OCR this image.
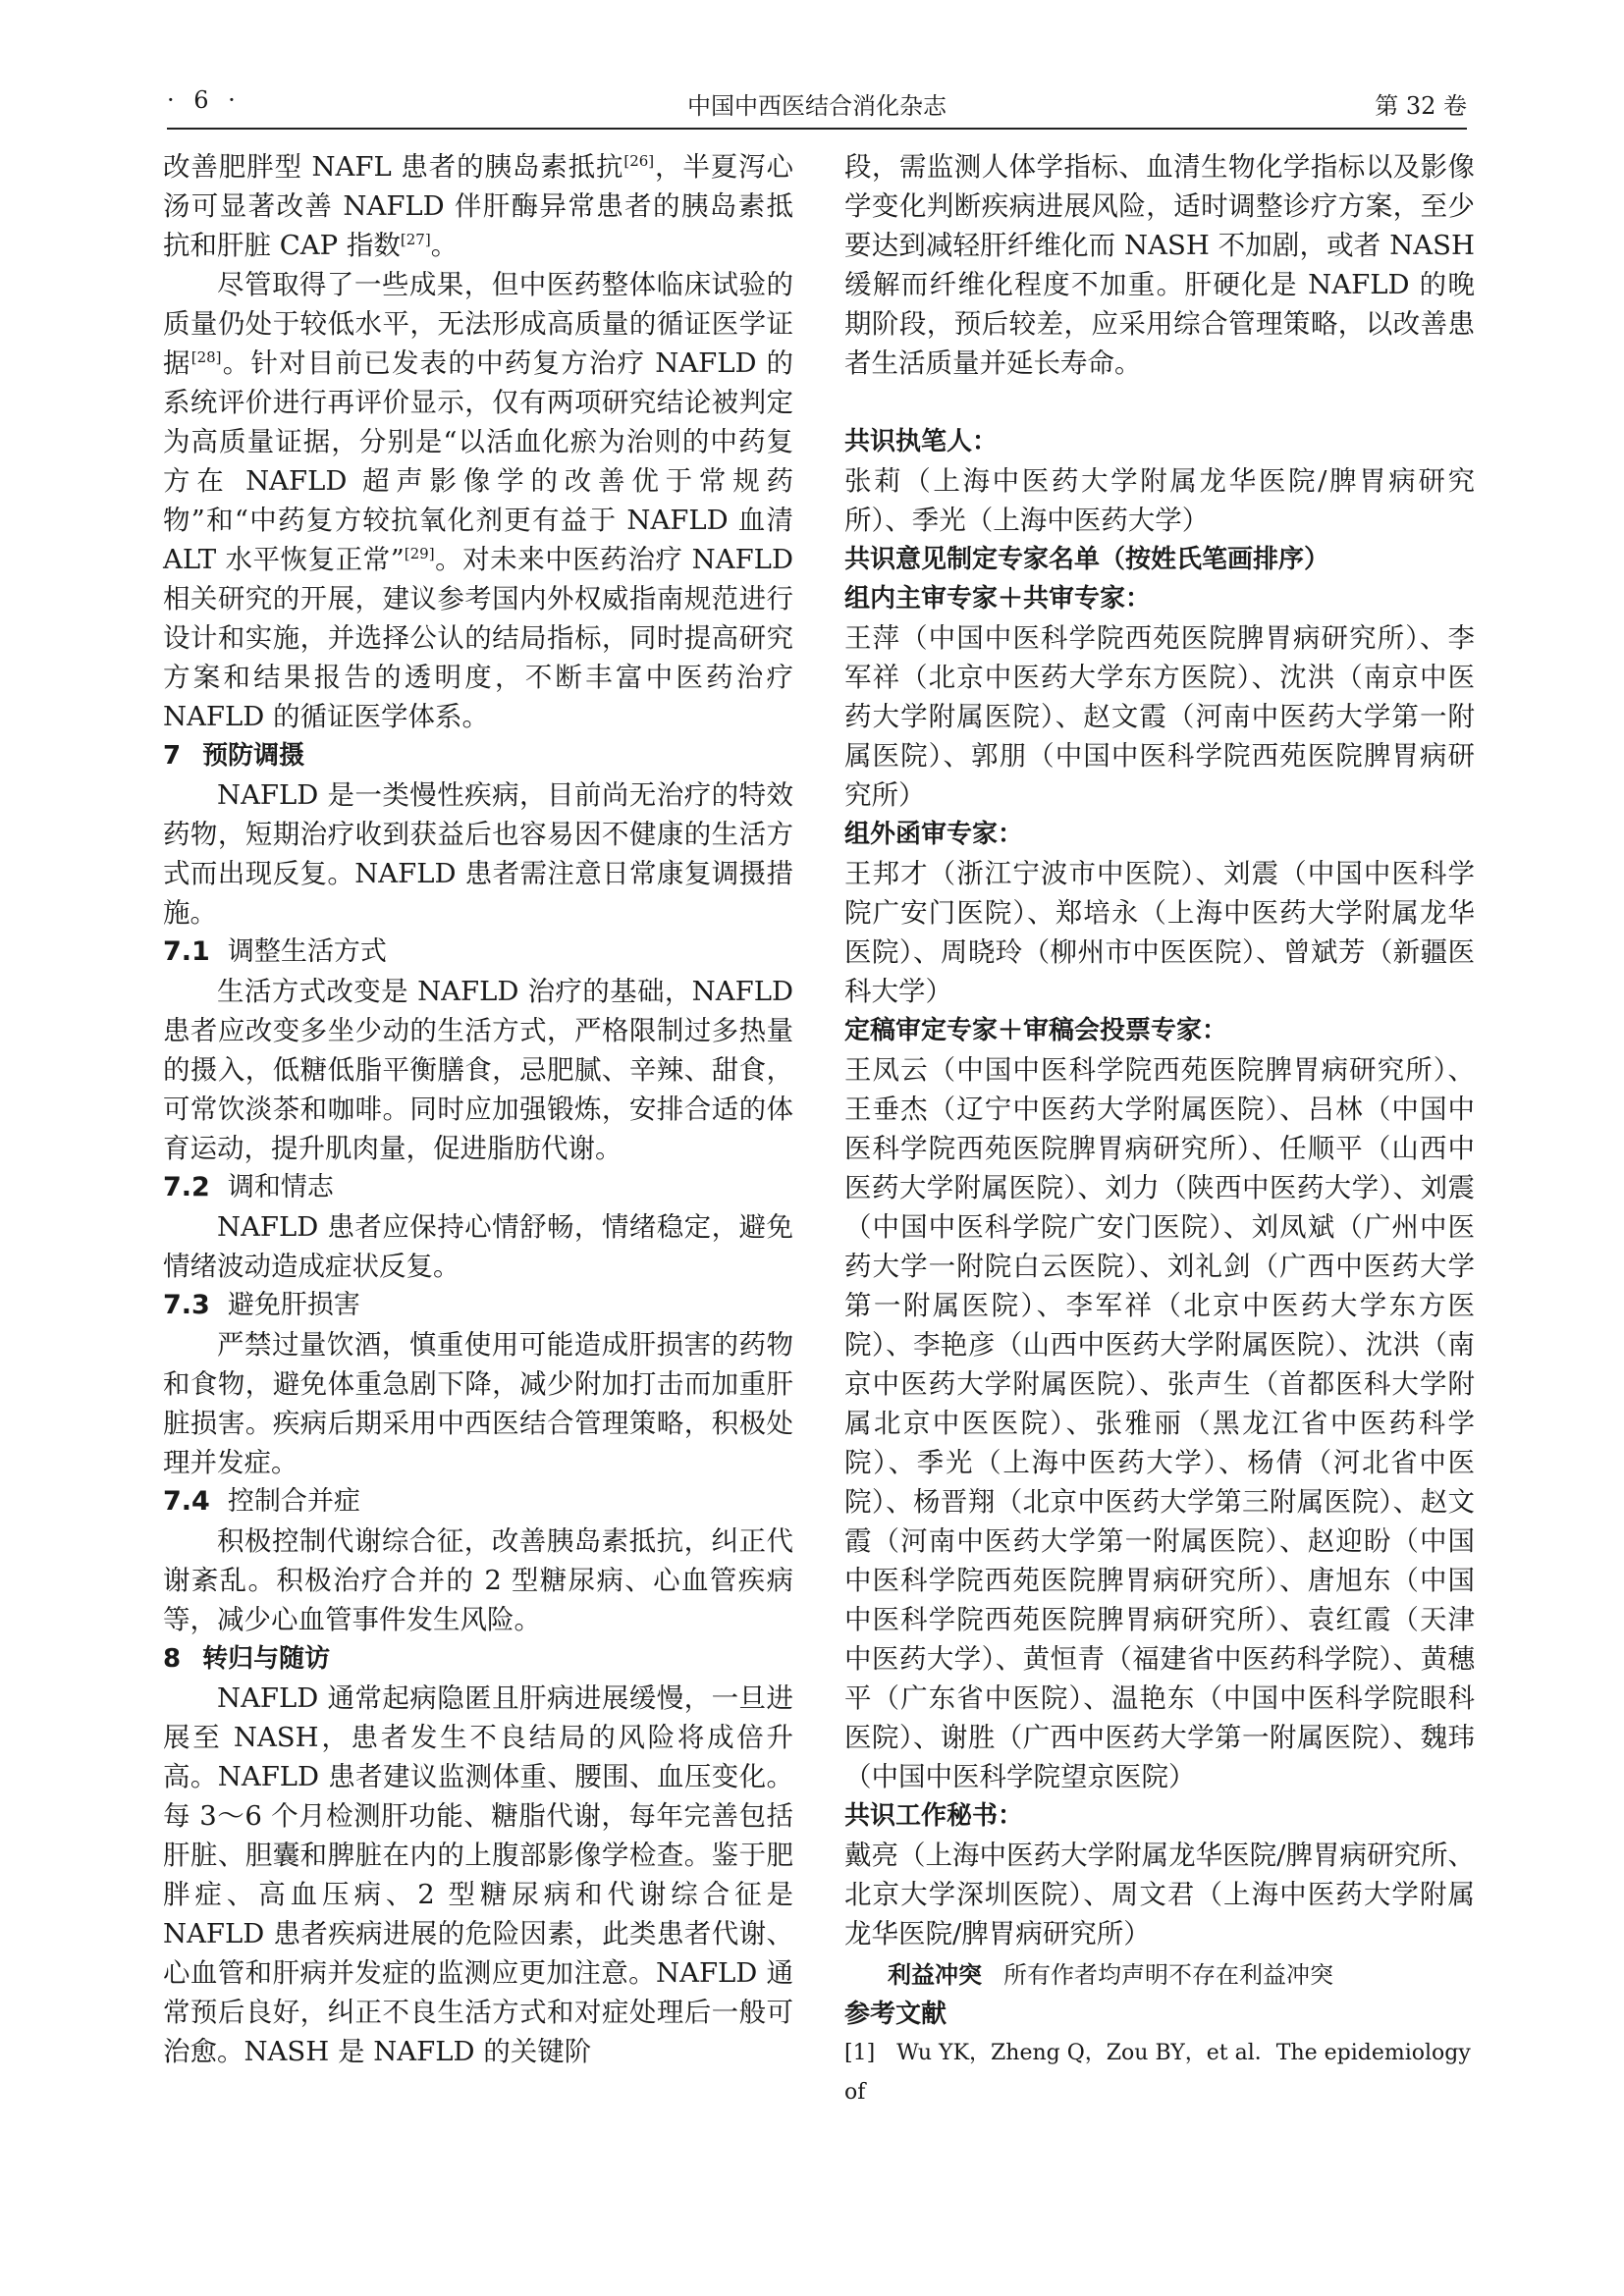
· 6 ·	中国中西医结合消化杂志	第 32 卷

改善肥胖型 NAFL 患者的胰岛素抵抗[26]，半夏泻心汤可显著改善 NAFLD 伴肝酶异常患者的胰岛素抵抗和肝脏 CAP 指数[27]。

尽管取得了一些成果，但中医药整体临床试验的质量仍处于较低水平，无法形成高质量的循证医学证据[28]。针对目前已发表的中药复方治疗 NAFLD 的系统评价进行再评价显示，仅有两项研究结论被判定为高质量证据，分别是“以活血化瘀为治则的中药复方在 NAFLD 超声影像学的改善优于常规药物”和“中药复方较抗氧化剂更有益于 NAFLD 血清 ALT 水平恢复正常”[29]。对未来中医药治疗 NAFLD 相关研究的开展，建议参考国内外权威指南规范进行设计和实施，并选择公认的结局指标，同时提高研究方案和结果报告的透明度，不断丰富中医药治疗 NAFLD 的循证医学体系。

7 预防调摄

NAFLD 是一类慢性疾病，目前尚无治疗的特效药物，短期治疗收到获益后也容易因不健康的生活方式而出现反复。NAFLD 患者需注意日常康复调摄措施。

7.1 调整生活方式

生活方式改变是 NAFLD 治疗的基础，NAFLD 患者应改变多坐少动的生活方式，严格限制过多热量的摄入，低糖低脂平衡膳食，忌肥腻、辛辣、甜食，可常饮淡茶和咖啡。同时应加强锻炼，安排合适的体育运动，提升肌肉量，促进脂肪代谢。

7.2 调和情志

NAFLD 患者应保持心情舒畅，情绪稳定，避免情绪波动造成症状反复。

7.3 避免肝损害

严禁过量饮酒，慎重使用可能造成肝损害的药物和食物，避免体重急剧下降，减少附加打击而加重肝脏损害。疾病后期采用中西医结合管理策略，积极处理并发症。

7.4 控制合并症

积极控制代谢综合征，改善胰岛素抵抗，纠正代谢紊乱。积极治疗合并的 2 型糖尿病、心血管疾病等，减少心血管事件发生风险。

8 转归与随访

NAFLD 通常起病隐匿且肝病进展缓慢，一旦进展至 NASH，患者发生不良结局的风险将成倍升高。NAFLD 患者建议监测体重、腰围、血压变化。每 3～6 个月检测肝功能、糖脂代谢，每年完善包括肝脏、胆囊和脾脏在内的上腹部影像学检查。鉴于肥胖症、高血压病、2 型糖尿病和代谢综合征是 NAFLD 患者疾病进展的危险因素，此类患者代谢、心血管和肝病并发症的监测应更加注意。NAFLD 通常预后良好，纠正不良生活方式和对症处理后一般可治愈。NASH 是 NAFLD 的关键阶

段，需监测人体学指标、血清生物化学指标以及影像学变化判断疾病进展风险，适时调整诊疗方案，至少要达到减轻肝纤维化而 NASH 不加剧，或者 NASH 缓解而纤维化程度不加重。肝硬化是 NAFLD 的晚期阶段，预后较差，应采用综合管理策略，以改善患者生活质量并延长寿命。

共识执笔人：

张莉（上海中医药大学附属龙华医院/脾胃病研究所）、季光（上海中医药大学）

共识意见制定专家名单（按姓氏笔画排序）

组内主审专家＋共审专家：

王萍（中国中医科学院西苑医院脾胃病研究所）、李军祥（北京中医药大学东方医院）、沈洪（南京中医药大学附属医院）、赵文霞（河南中医药大学第一附属医院）、郭朋（中国中医科学院西苑医院脾胃病研究所）

组外函审专家：

王邦才（浙江宁波市中医院）、刘震（中国中医科学院广安门医院）、郑培永（上海中医药大学附属龙华医院）、周晓玲（柳州市中医医院）、曾斌芳（新疆医科大学）

定稿审定专家＋审稿会投票专家：

王凤云（中国中医科学院西苑医院脾胃病研究所）、王垂杰（辽宁中医药大学附属医院）、吕林（中国中医科学院西苑医院脾胃病研究所）、任顺平（山西中医药大学附属医院）、刘力（陕西中医药大学）、刘震（中国中医科学院广安门医院）、刘凤斌（广州中医药大学一附院白云医院）、刘礼剑（广西中医药大学第一附属医院）、李军祥（北京中医药大学东方医院）、李艳彦（山西中医药大学附属医院）、沈洪（南京中医药大学附属医院）、张声生（首都医科大学附属北京中医医院）、张雅丽（黑龙江省中医药科学院）、季光（上海中医药大学）、杨倩（河北省中医院）、杨晋翔（北京中医药大学第三附属医院）、赵文霞（河南中医药大学第一附属医院）、赵迎盼（中国中医科学院西苑医院脾胃病研究所）、唐旭东（中国中医科学院西苑医院脾胃病研究所）、袁红霞（天津中医药大学）、黄恒青（福建省中医药科学院）、黄穗平（广东省中医院）、温艳东（中国中医科学院眼科医院）、谢胜（广西中医药大学第一附属医院）、魏玮（中国中医科学院望京医院）

共识工作秘书：

戴亮（上海中医药大学附属龙华医院/脾胃病研究所、北京大学深圳医院）、周文君（上海中医药大学附属龙华医院/脾胃病研究所）

利益冲突 所有作者均声明不存在利益冲突

参考文献

[1] Wu YK，Zheng Q，Zou BY，et al．The epidemiology of
